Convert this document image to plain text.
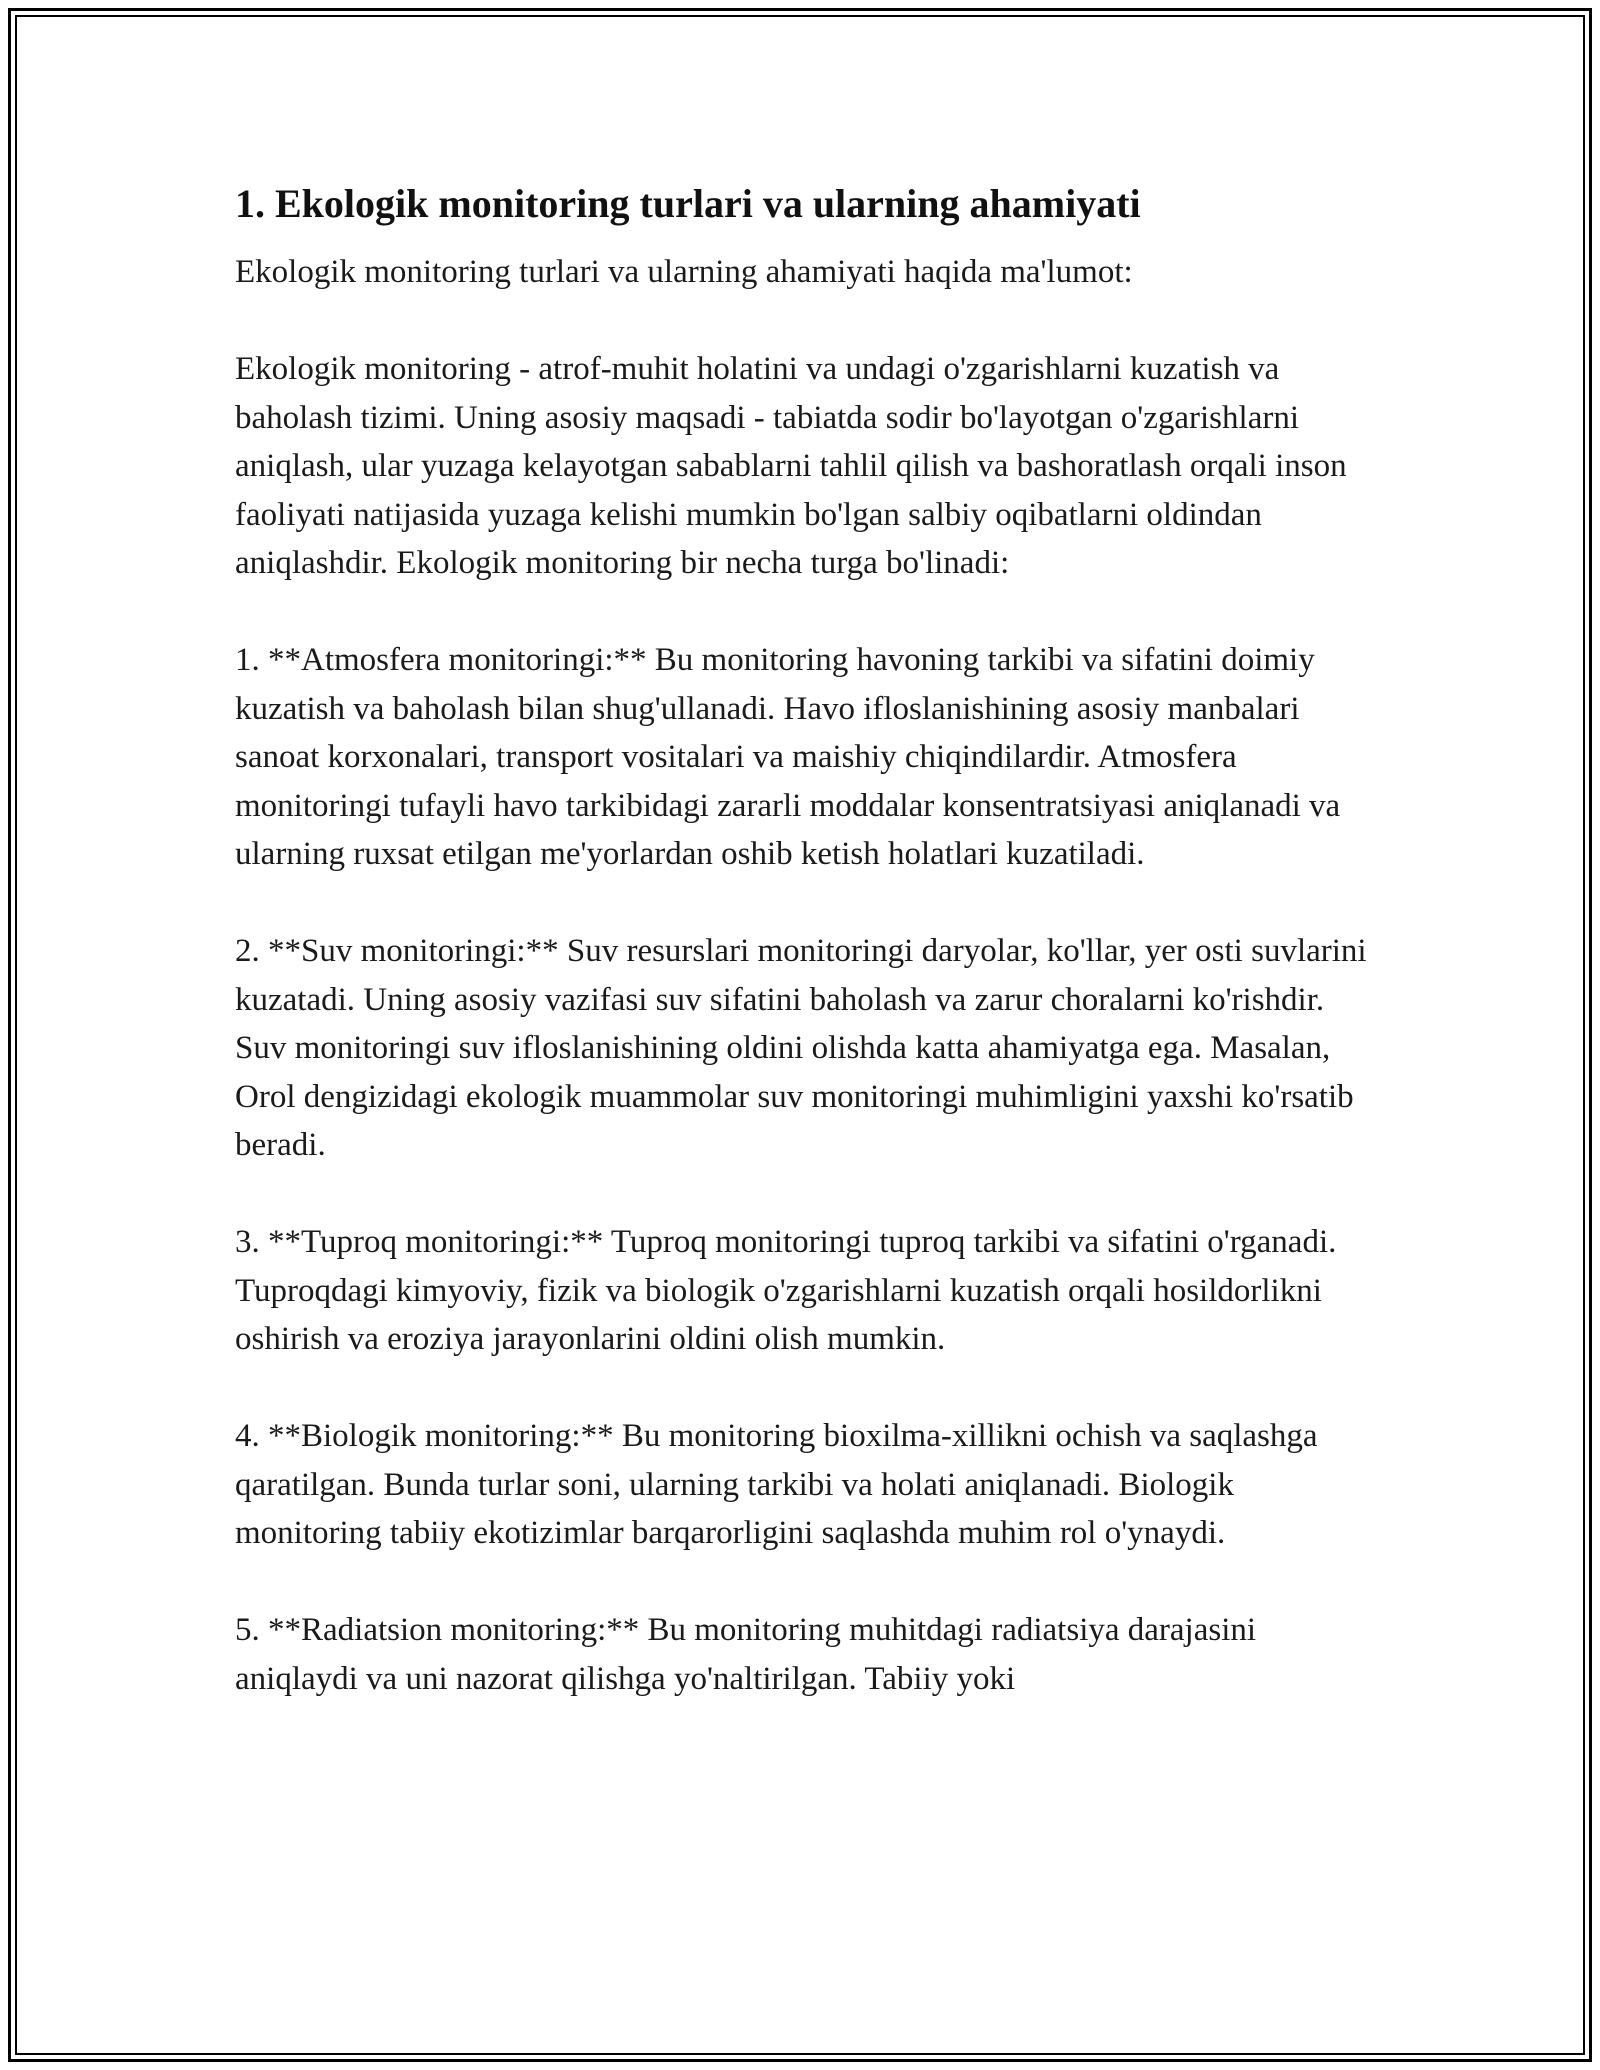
1. Ekologik monitoring turlari va ularning ahamiyati

Ekologik monitoring turlari va ularning ahamiyati haqida ma'lumot:

Ekologik monitoring - atrof-muhit holatini va undagi o'zgarishlarni kuzatish va baholash tizimi. Uning asosiy maqsadi - tabiatda sodir bo'layotgan o'zgarishlarni aniqlash, ular yuzaga kelayotgan sabablarni tahlil qilish va bashoratlash orqali inson faoliyati natijasida yuzaga kelishi mumkin bo'lgan salbiy oqibatlarni oldindan aniqlashdir. Ekologik monitoring bir necha turga bo'linadi:

1. **Atmosfera monitoringi:** Bu monitoring havoning tarkibi va sifatini doimiy kuzatish va baholash bilan shug'ullanadi. Havo ifloslanishining asosiy manbalari sanoat korxonalari, transport vositalari va maishiy chiqindilardir. Atmosfera monitoringi tufayli havo tarkibidagi zararli moddalar konsentratsiyasi aniqlanadi va ularning ruxsat etilgan me'yorlardan oshib ketish holatlari kuzatiladi.

2. **Suv monitoringi:** Suv resurslari monitoringi daryolar, ko'llar, yer osti suvlarini kuzatadi. Uning asosiy vazifasi suv sifatini baholash va zarur choralarni ko'rishdir. Suv monitoringi suv ifloslanishining oldini olishda katta ahamiyatga ega. Masalan, Orol dengizidagi ekologik muammolar suv monitoringi muhimligini yaxshi ko'rsatib beradi.

3. **Tuproq monitoringi:** Tuproq monitoringi tuproq tarkibi va sifatini o'rganadi. Tuproqdagi kimyoviy, fizik va biologik o'zgarishlarni kuzatish orqali hosildorlikni oshirish va eroziya jarayonlarini oldini olish mumkin.

4. **Biologik monitoring:** Bu monitoring bioxilma-xillikni ochish va saqlashga qaratilgan. Bunda turlar soni, ularning tarkibi va holati aniqlanadi. Biologik monitoring tabiiy ekotizimlar barqarorligini saqlashda muhim rol o'ynaydi.

5. **Radiatsion monitoring:** Bu monitoring muhitdagi radiatsiya darajasini aniqlaydi va uni nazorat qilishga yo'naltirilgan. Tabiiy yoki
